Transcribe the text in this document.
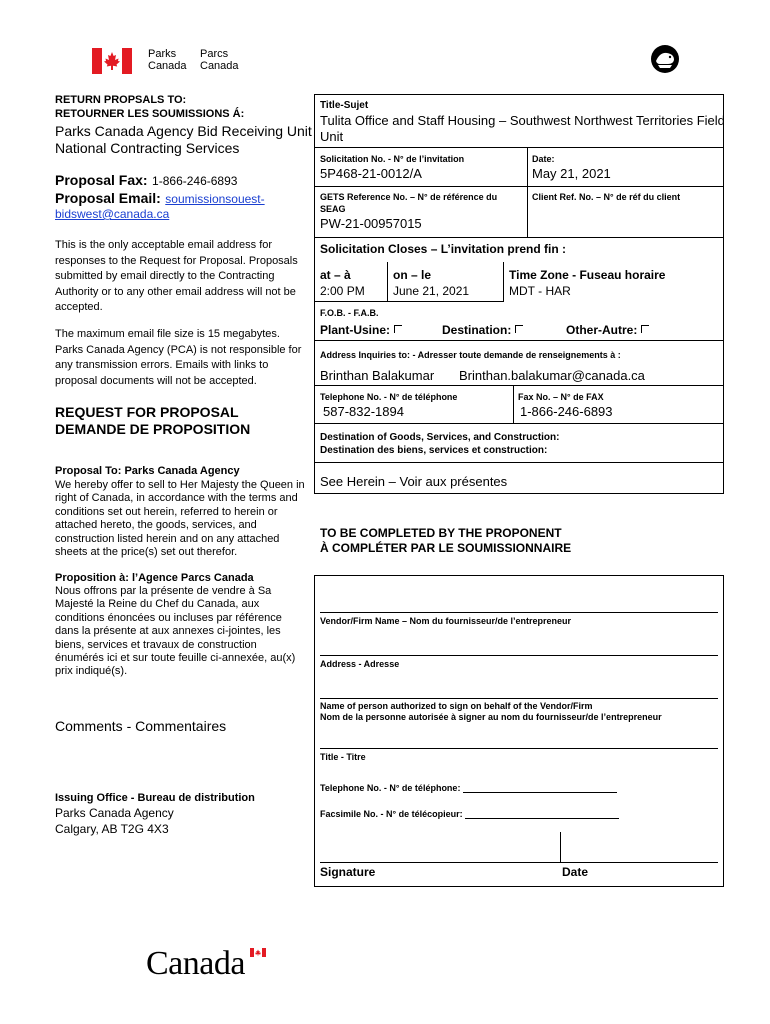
Parks
Canada
Parcs
Canada
RETURN PROPSALS TO:
RETOURNER LES SOUMISSIONS Á:
Parks Canada Agency Bid Receiving Unit
National Contracting Services
Proposal Fax: 1-866-246-6893
Proposal Email: soumissionsouest-
bidswest@canada.ca
This is the only acceptable email address for
responses to the Request for Proposal. Proposals
submitted by email directly to the Contracting
Authority or to any other email address will not be
accepted.
The maximum email file size is 15 megabytes.
Parks Canada Agency (PCA) is not responsible for
any transmission errors. Emails with links to
proposal documents will not be accepted.
REQUEST FOR PROPOSAL
DEMANDE DE PROPOSITION
Proposal To: Parks Canada Agency
We hereby offer to sell to Her Majesty the Queen in
right of Canada, in accordance with the terms and
conditions set out herein, referred to herein or
attached hereto, the goods, services, and
construction listed herein and on any attached
sheets at the price(s) set out therefor.
Proposition à: l’Agence Parcs Canada
Nous offrons par la présente de vendre à Sa
Majesté la Reine du Chef du Canada, aux
conditions énoncées ou incluses par référence
dans la présente at aux annexes ci-jointes, les
biens, services et travaux de construction
énumérés ici et sur toute feuille ci-annexée, au(x)
prix indiqué(s).
Comments - Commentaires
Issuing Office - Bureau de distribution
Parks Canada Agency
Calgary, AB T2G 4X3
Title-Sujet
Tulita Office and Staff Housing – Southwest Northwest Territories Field
Unit
Solicitation No. - N° de l’invitation
5P468-21-0012/A
Date:
May 21, 2021
GETS Reference No. – N° de référence du
SEAG
PW-21-00957015
Client Ref. No. – N° de réf du client
Solicitation Closes – L’invitation prend fin :
at – à
2:00 PM
on – le
June 21, 2021
Time Zone - Fuseau horaire
MDT - HAR
F.O.B. - F.A.B.
Plant-Usine:	Destination:	Other-Autre:
Address Inquiries to: - Adresser toute demande de renseignements à :
Brinthan Balakumar Brinthan.balakumar@canada.ca
Telephone No. - N° de téléphone
587-832-1894
Fax No. – N° de FAX
1-866-246-6893
Destination of Goods, Services, and Construction:
Destination des biens, services et construction:
See Herein – Voir aux présentes
TO BE COMPLETED BY THE PROPONENT
À COMPLÉTER PAR LE SOUMISSIONNAIRE
Vendor/Firm Name – Nom du fournisseur/de l’entrepreneur
Address - Adresse
Name of person authorized to sign on behalf of the Vendor/Firm
Nom de la personne autorisée à signer au nom du fournisseur/de l’entrepreneur
Title - Titre
Telephone No. - N° de téléphone:
Facsimile No. - N° de télécopieur:
Signature	Date
Canada
